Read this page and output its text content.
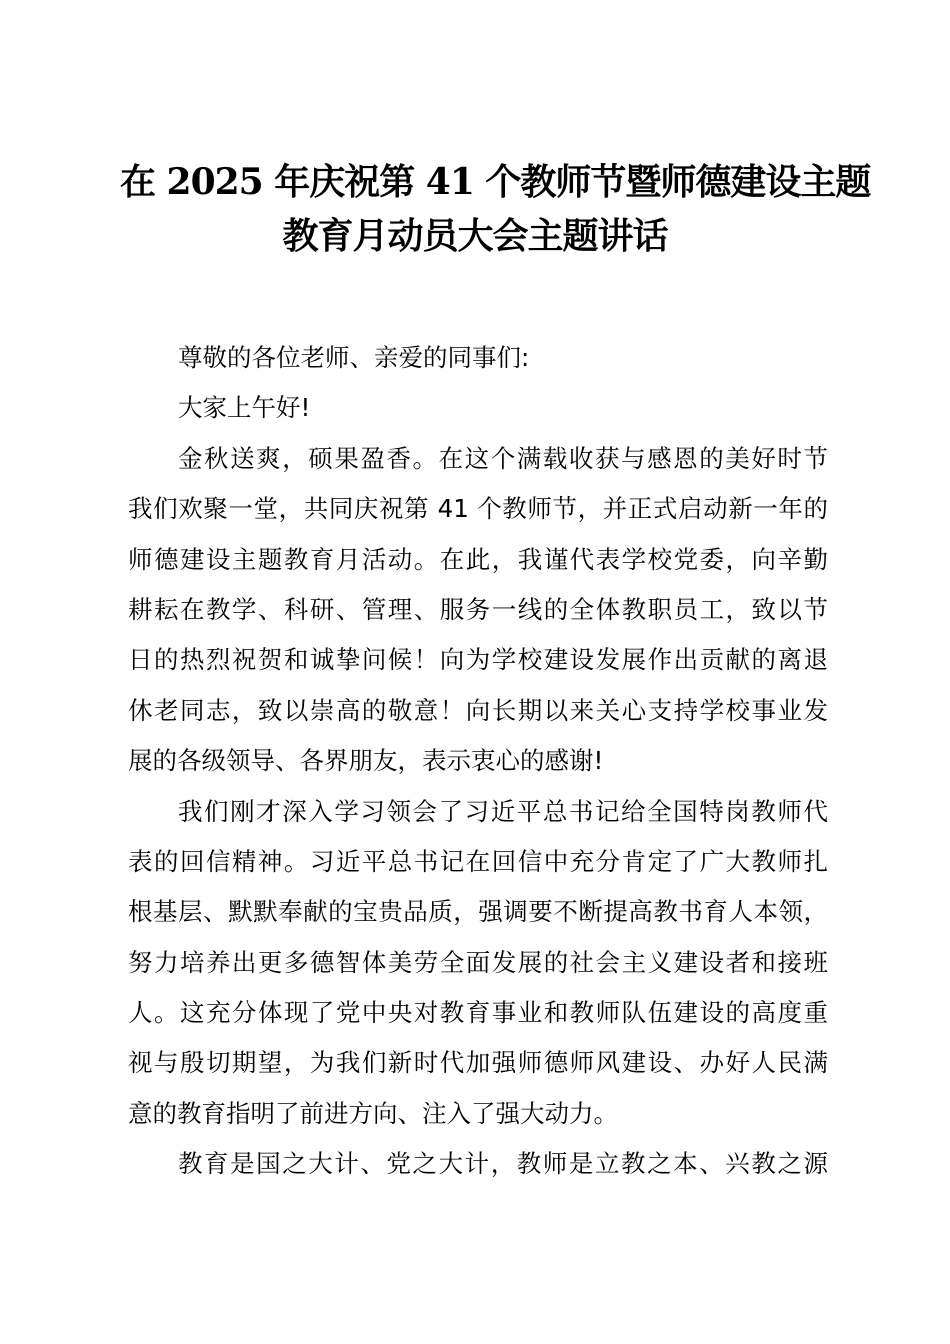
在 2025 年庆祝第 41 个教师节暨师德建设主题
教育月动员大会主题讲话
尊敬的各位老师、亲爱的同事们:
大家上午好!
金秋送爽，硕果盈香。在这个满载收获与感恩的美好时节
我们欢聚一堂，共同庆祝第 41 个教师节，并正式启动新一年的
师德建设主题教育月活动。在此，我谨代表学校党委，向辛勤
耕耘在教学、科研、管理、服务一线的全体教职员工，致以节
日的热烈祝贺和诚挚问候！向为学校建设发展作出贡献的离退
休老同志，致以崇高的敬意！向长期以来关心支持学校事业发
展的各级领导、各界朋友，表示衷心的感谢!
我们刚才深入学习领会了习近平总书记给全国特岗教师代
表的回信精神。习近平总书记在回信中充分肯定了广大教师扎
根基层、默默奉献的宝贵品质，强调要不断提高教书育人本领，
努力培养出更多德智体美劳全面发展的社会主义建设者和接班
人。这充分体现了党中央对教育事业和教师队伍建设的高度重
视与殷切期望，为我们新时代加强师德师风建设、办好人民满
意的教育指明了前进方向、注入了强大动力。
教育是国之大计、党之大计，教师是立教之本、兴教之源
